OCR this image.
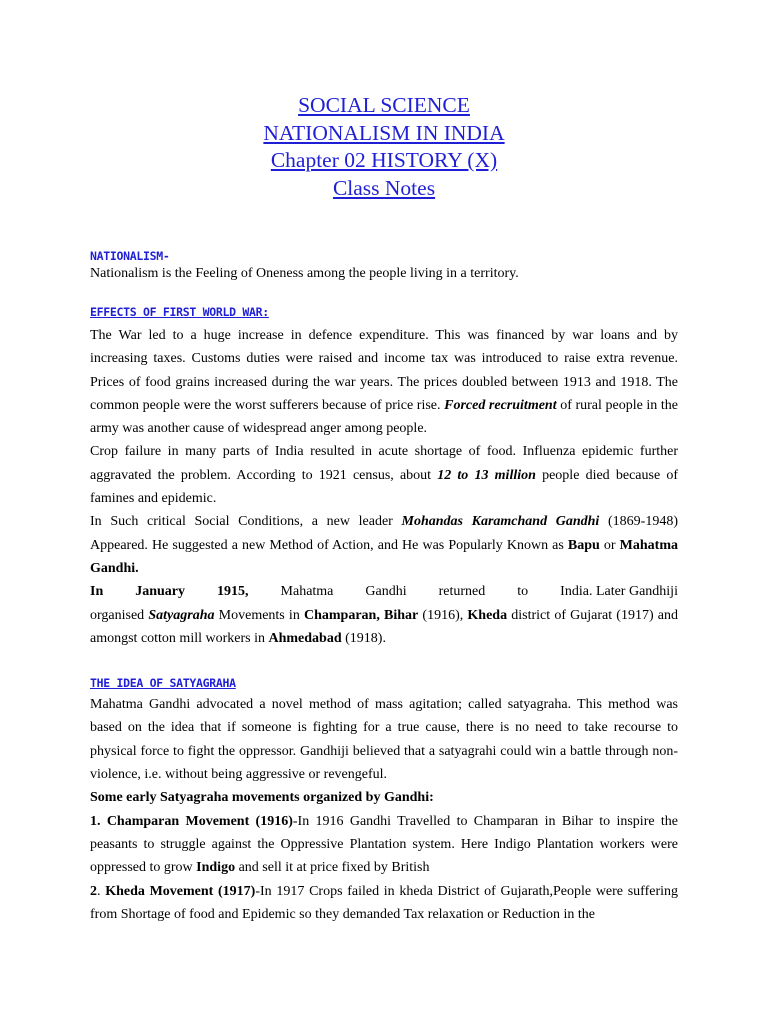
SOCIAL SCIENCE
NATIONALISM IN INDIA
Chapter 02 HISTORY (X)
Class Notes
NATIONALISM-
Nationalism is the Feeling of Oneness among the people living in a territory.
EFFECTS OF FIRST WORLD WAR:
The War led to a huge increase in defence expenditure. This was financed by war loans and by increasing taxes. Customs duties were raised and income tax was introduced to raise extra revenue. Prices of food grains increased during the war years. The prices doubled between 1913 and 1918. The common people were the worst sufferers because of price rise. Forced recruitment of rural people in the army was another cause of widespread anger among people.
Crop failure in many parts of India resulted in acute shortage of food. Influenza epidemic further aggravated the problem. According to 1921 census, about 12 to 13 million people died because of famines and epidemic.
In Such critical Social Conditions, a new leader Mohandas Karamchand Gandhi (1869-1948) Appeared. He suggested a new Method of Action, and He was Popularly Known as Bapu or Mahatma Gandhi.
In January 1915, Mahatma Gandhi returned to India. Later Gandhiji
organised Satyagraha Movements in Champaran, Bihar (1916), Kheda district of Gujarat (1917) and amongst cotton mill workers in Ahmedabad (1918).
THE IDEA OF SATYAGRAHA
Mahatma Gandhi advocated a novel method of mass agitation; called satyagraha. This method was based on the idea that if someone is fighting for a true cause, there is no need to take recourse to physical force to fight the oppressor. Gandhiji believed that a satyagrahi could win a battle through non-violence, i.e. without being aggressive or revengeful.
Some early Satyagraha movements organized by Gandhi:
1. Champaran Movement (1916)-In 1916 Gandhi Travelled to Champaran in Bihar to inspire the peasants to struggle against the Oppressive Plantation system. Here Indigo Plantation workers were oppressed to grow Indigo and sell it at price fixed by British
2. Kheda Movement (1917)-In 1917 Crops failed in kheda District of Gujarath,People were suffering from Shortage of food and Epidemic so they demanded Tax relaxation or Reduction in the
